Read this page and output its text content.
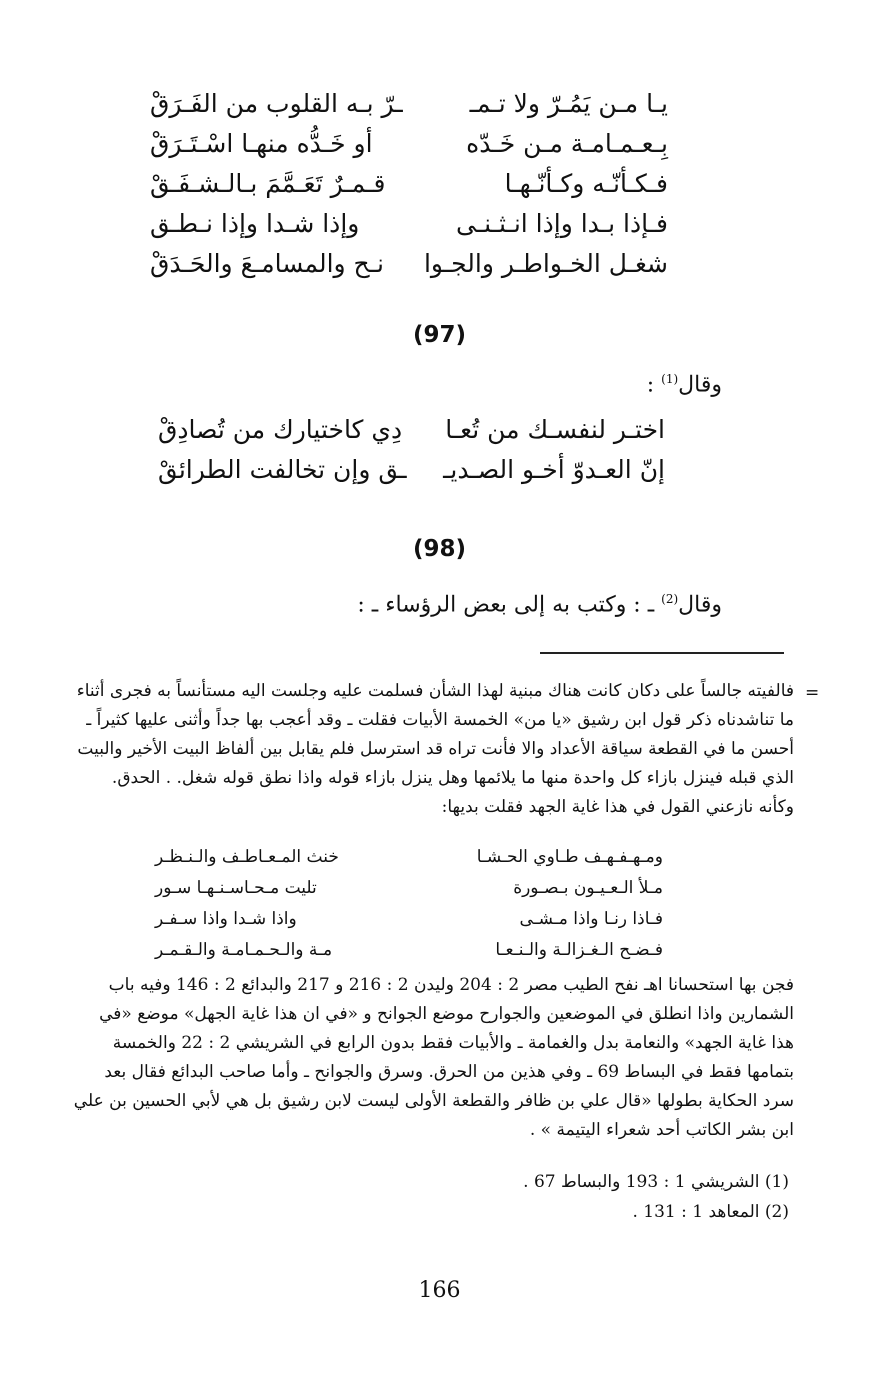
يـا مـن يَمُـرّ ولا تـمـ
ـرّ بـه القلوب من الفَـرَقْ
بِـعـمـامـة مـن خَـدّه
أو خَـدُّه منهـا اسْـتَـرَقْ
فـكـأنّـه وكـأنّـهـا
قـمـرٌ تَعَـمَّمَ بـالـشـفَـقْ
فـإذا بـدا وإذا انـثـنـى
وإذا شـدا وإذا نـطـق
شغـل الخـواطـر والجـوا
نـح والمسامـعَ والحَـدَقْ
(97)
وقال$^{(1)}$ :
اختـر لنفسـك من تُعـا
دِي كاختيارك من تُصادِقْ
إنّ العـدوّ أخـو الصـديـ
ـق وإن تخالفت الطرائقْ
(98)
وقال$^{(2)}$ ـ : وكتب به إلى بعض الرؤساء ـ :
=
فالفيته جالساً على دكان كانت هناك مبنية لهذا الشأن فسلمت عليه وجلست اليه مستأنساً به فجرى أثناء
ما تناشدناه ذكر قول ابن رشيق «يا من» الخمسة الأبيات فقلت ـ وقد أعجب بها جداً وأثنى عليها كثيراً ـ
أحسن ما في القطعة سياقة الأعداد والا فأنت تراه قد استرسل فلم يقابل بين ألفاظ البيت الأخير والبيت
الذي قبله فينزل بازاء كل واحدة منها ما يلائمها وهل ينزل بازاء قوله واذا نطق قوله شغل. . الحدق.
وكأنه نازعني القول في هذا غاية الجهد فقلت بديها:
ومـهـفـهـف طـاوي الحـشـا
خنث المـعـاطـف والـنـظـر
مـلأ الـعـيـون بـصـورة
تليت مـحـاسـنـهـا سـور
فـاذا رنـا واذا مـشـى
واذا شـدا واذا سـفـر
فـضـح الـغـزالـة والـنـعـا
مـة والـحـمـامـة والـقـمـر
فجن بها استحسانا اهـ نفح الطيب مصر 2 : 204 وليدن 2 : 216 و 217 والبدائع 2 : 146 وفيه باب
الشمارين واذا انطلق في الموضعين والجوارح موضع الجوانح و «في ان هذا غاية الجهل» موضع «في
هذا غاية الجهد» والنعامة بدل والغمامة ـ والأبيات فقط بدون الرابع في الشريشي 2 : 22 والخمسة
بتمامها فقط في البساط 69 ـ وفي هذين من الحرق. وسرق والجوانح ـ وأما صاحب البدائع فقال بعد
سرد الحكاية بطولها «قال علي بن ظافر والقطعة الأولى ليست لابن رشيق بل هي لأبي الحسين بن علي
ابن بشر الكاتب أحد شعراء اليتيمة » .
(1) الشريشي 1 : 193 والبساط 67 .
(2) المعاهد 1 : 131 .
166
